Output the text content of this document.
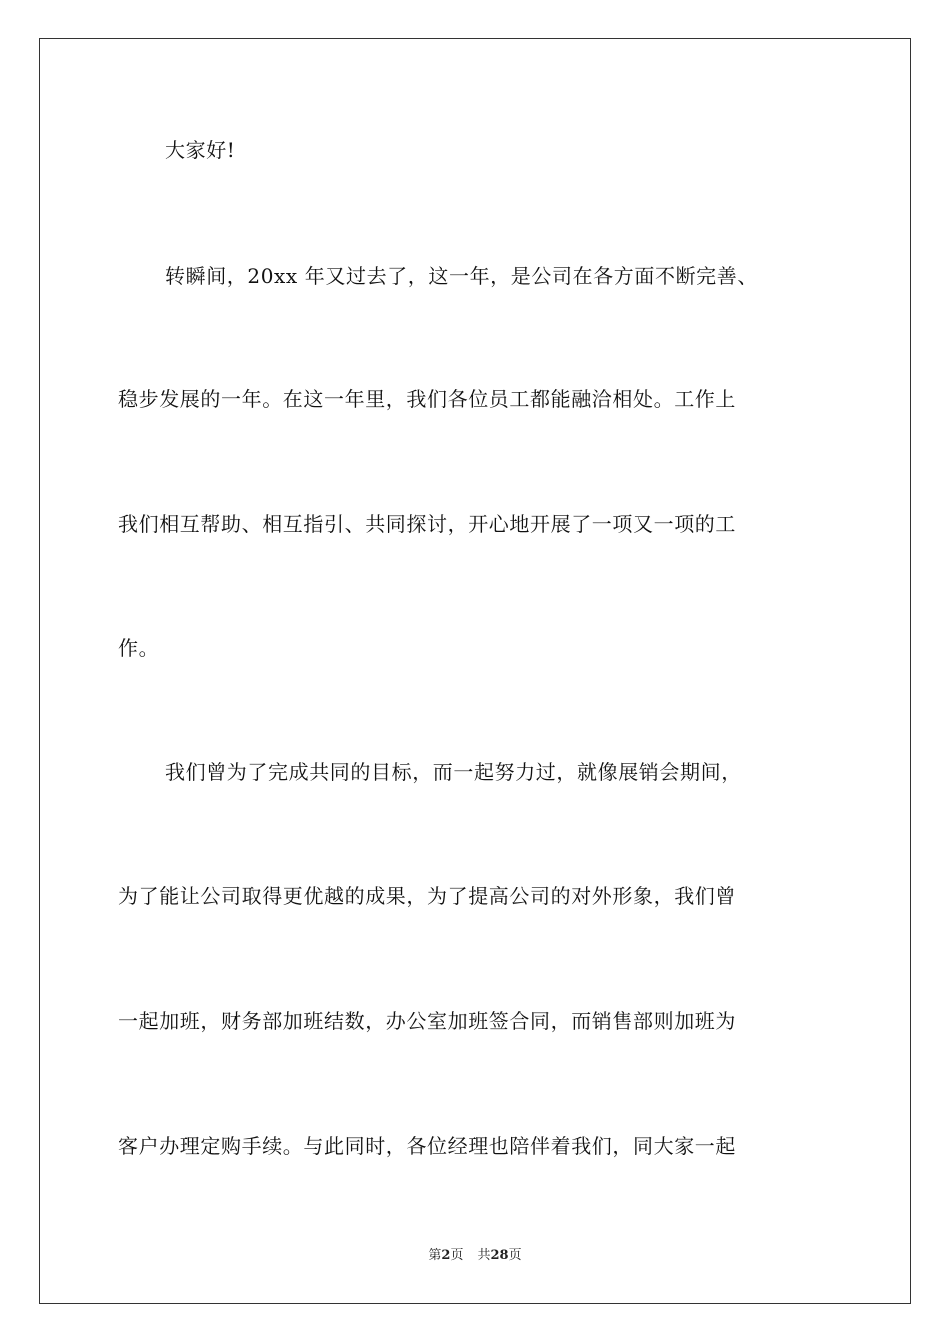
大家好!
转瞬间，20xx 年又过去了，这一年，是公司在各方面不断完善、
稳步发展的一年。在这一年里，我们各位员工都能融洽相处。工作上
我们相互帮助、相互指引、共同探讨，开心地开展了一项又一项的工
作。
我们曾为了完成共同的目标，而一起努力过，就像展销会期间，
为了能让公司取得更优越的成果，为了提高公司的对外形象，我们曾
一起加班，财务部加班结数，办公室加班签合同，而销售部则加班为
客户办理定购手续。与此同时，各位经理也陪伴着我们，同大家一起
第2页 共28页
